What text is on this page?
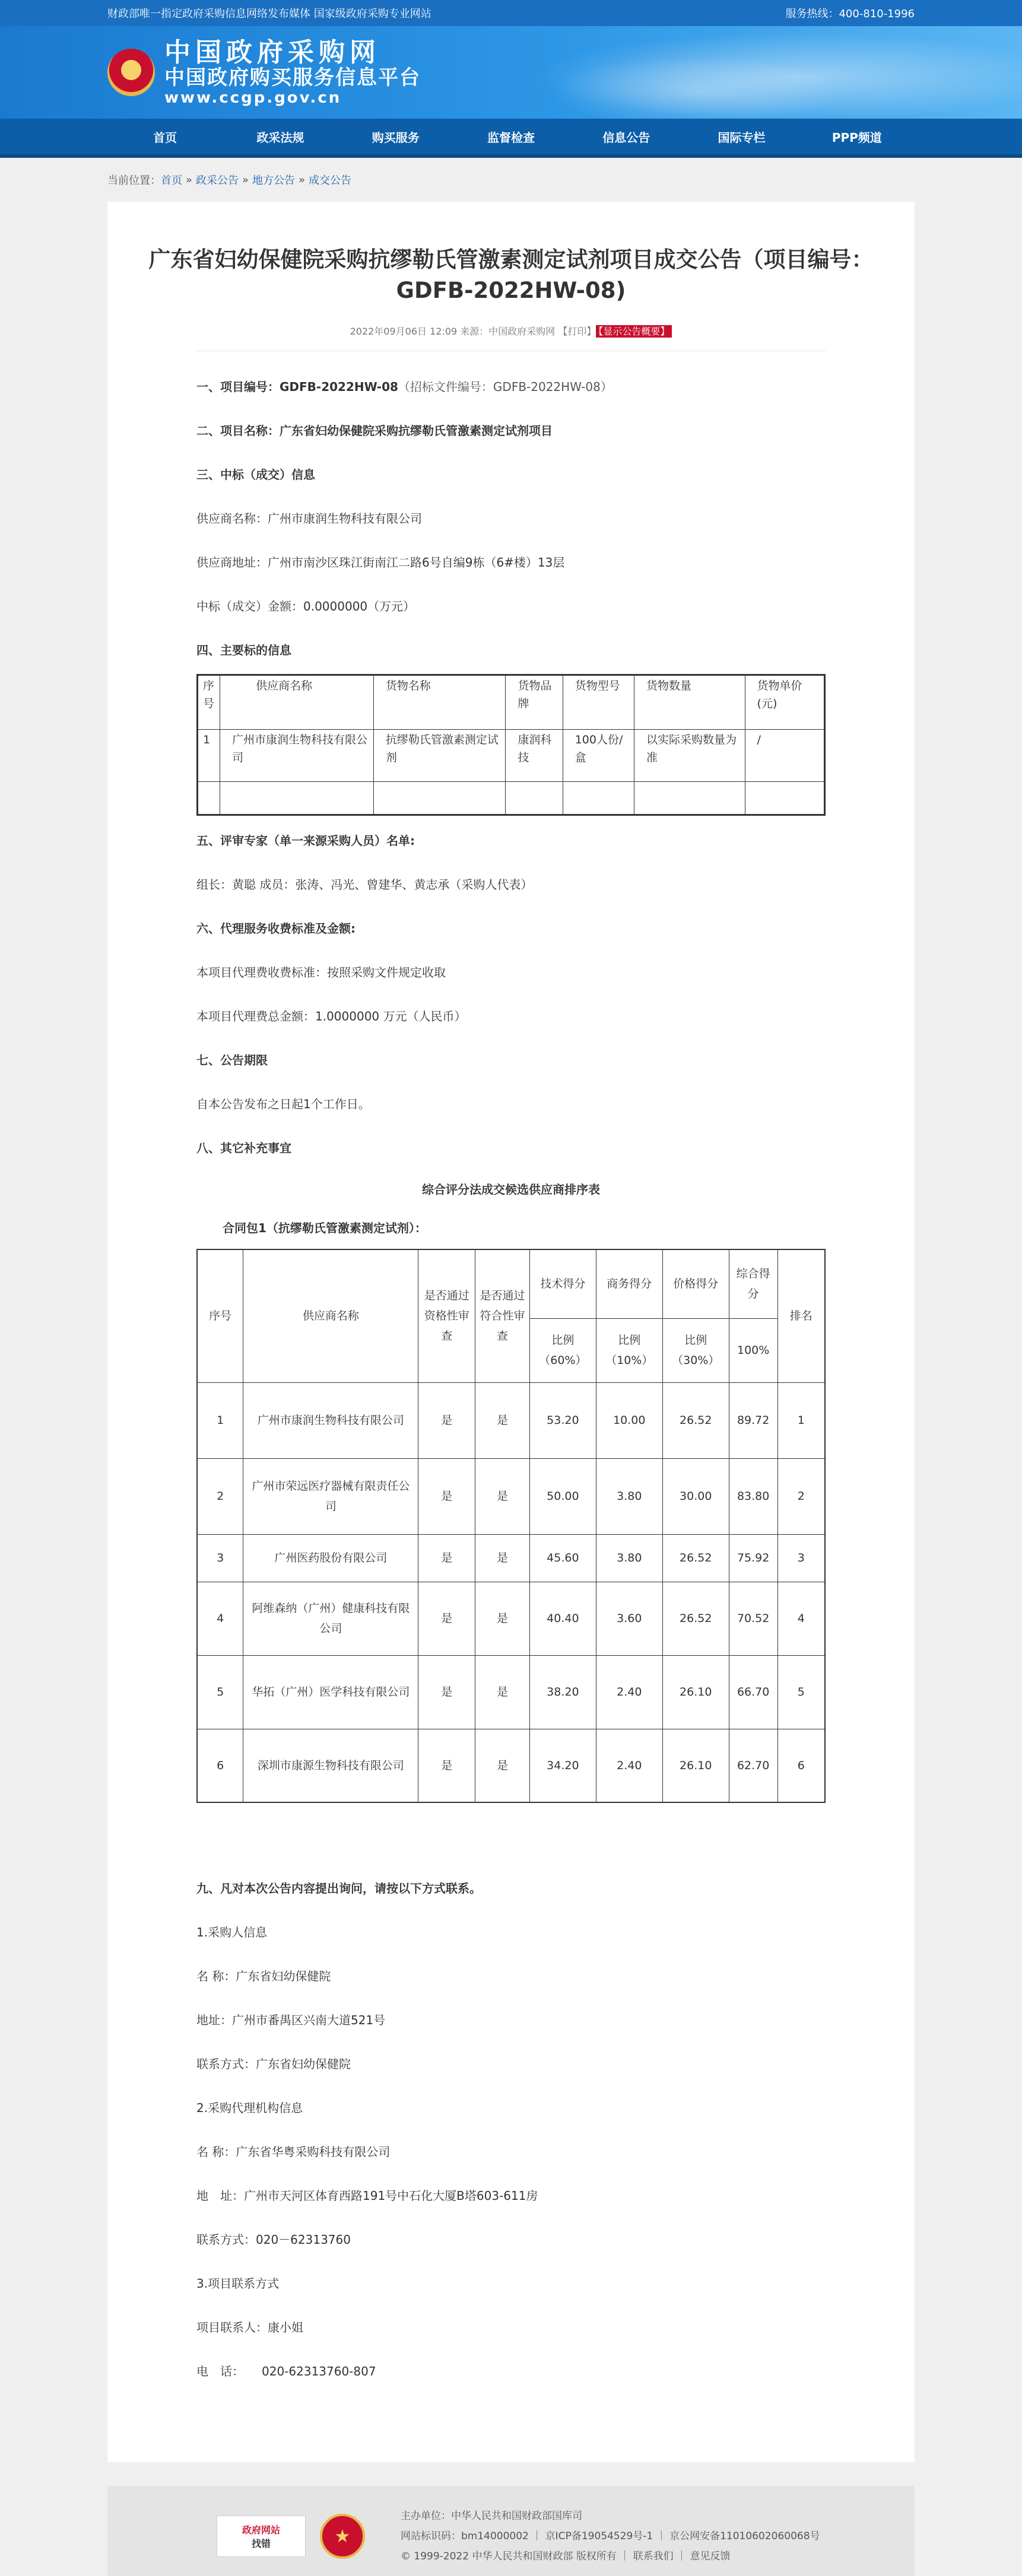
财政部唯一指定政府采购信息网络发布媒体 国家级政府采购专业网站	服务热线：400-810-1996
★
中国政府采购网
中国政府购买服务信息平台
www.ccgp.gov.cn
首页	政采法规	购买服务	监督检查	信息公告	国际专栏	PPP频道
当前位置： 首页 » 政采公告 » 地方公告 » 成交公告
广东省妇幼保健院采购抗缪勒氏管激素测定试剂项目成交公告（项目编号：GDFB-2022HW-08)
2022年09月06日 12:09 来源：中国政府采购网 【打印】 【显示公告概要】
一、项目编号：GDFB-2022HW-08（招标文件编号：GDFB-2022HW-08）
二、项目名称：广东省妇幼保健院采购抗缪勒氏管激素测定试剂项目
三、中标（成交）信息
供应商名称：广州市康润生物科技有限公司
供应商地址：广州市南沙区珠江街南江二路6号自编9栋（6#楼）13层
中标（成交）金额：0.0000000（万元）
四、主要标的信息
序号	供应商名称	货物名称	货物品牌	货物型号	货物数量	货物单价(元)
1	广州市康润生物科技有限公司	抗缪勒氏管激素测定试剂	康润科技	100人份/盒	以实际采购数量为准	/

五、评审专家（单一来源采购人员）名单:
组长：黄聪 成员：张涛、冯光、曾建华、黄志承（采购人代表）
六、代理服务收费标准及金额:
本项目代理费收费标准：按照采购文件规定收取
本项目代理费总金额：1.0000000 万元（人民币）
七、公告期限
自本公告发布之日起1个工作日。
八、其它补充事宜
综合评分法成交候选供应商排序表
合同包1（抗缪勒氏管激素测定试剂）：
序号	供应商名称	是否通过资格性审查	是否通过符合性审查	技术得分	商务得分	价格得分	综合得分	排名
				比例（60%）	比例（10%）	比例（30%）	100%	
1	广州市康润生物科技有限公司	是	是	53.20	10.00	26.52	89.72	1
2	广州市荣远医疗器械有限责任公司	是	是	50.00	3.80	30.00	83.80	2
3	广州医药股份有限公司	是	是	45.60	3.80	26.52	75.92	3
4	阿维森纳（广州）健康科技有限公司	是	是	40.40	3.60	26.52	70.52	4
5	华拓（广州）医学科技有限公司	是	是	38.20	2.40	26.10	66.70	5
6	深圳市康源生物科技有限公司	是	是	34.20	2.40	26.10	62.70	6
九、凡对本次公告内容提出询问，请按以下方式联系。
1.采购人信息
名 称：广东省妇幼保健院
地址：广州市番禺区兴南大道521号
联系方式：广东省妇幼保健院
2.采购代理机构信息
名 称：广东省华粤采购科技有限公司
地　址：广州市天河区体育西路191号中石化大厦B塔603-611房
联系方式：020－62313760
3.项目联系方式
项目联系人：康小姐
电　话：　　020-62313760-807
政府网站
找错	★
主办单位：中华人民共和国财政部国库司
网站标识码：bm14000002 ｜ 京ICP备19054529号-1 ｜ 京公网安备11010602060068号
© 1999-2022 中华人民共和国财政部 版权所有 ｜ 联系我们 ｜ 意见反馈
